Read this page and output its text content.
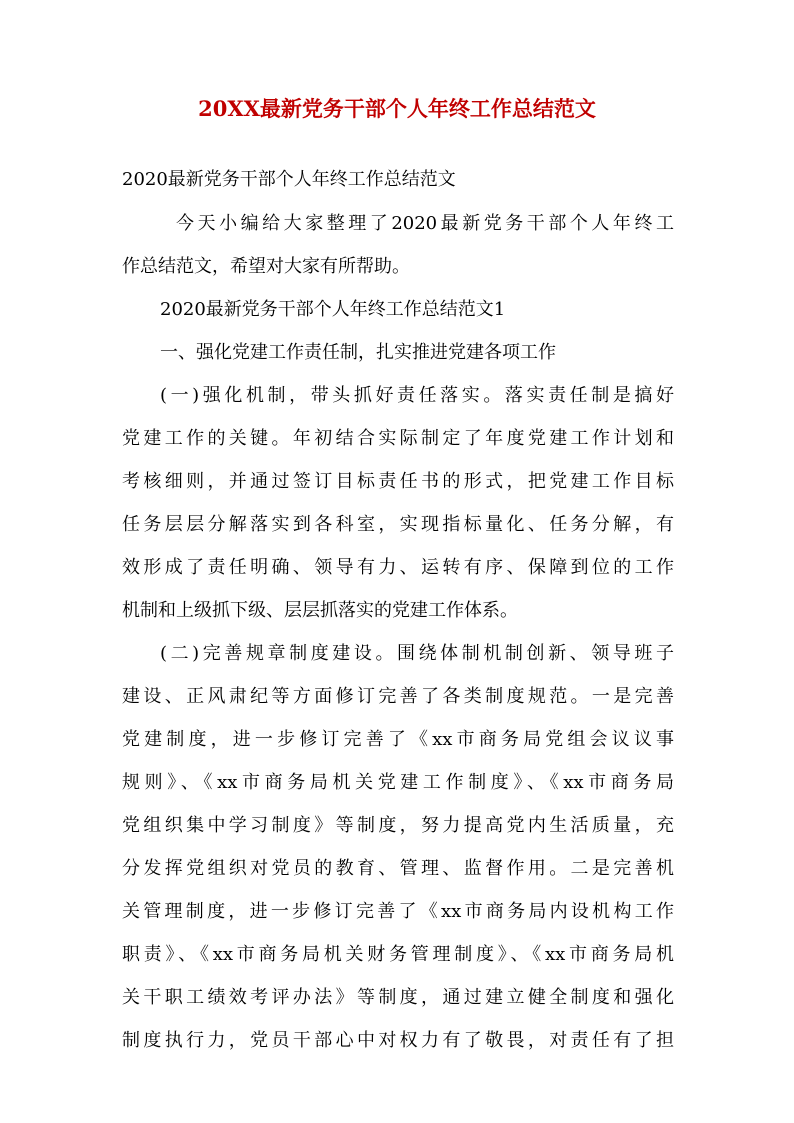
20XX最新党务干部个人年终工作总结范文
2020最新党务干部个人年终工作总结范文
今天小编给大家整理了2020最新党务干部个人年终工
作总结范文，希望对大家有所帮助。
2020最新党务干部个人年终工作总结范文1
一、强化党建工作责任制，扎实推进党建各项工作
(一)强化机制，带头抓好责任落实。落实责任制是搞好
党建工作的关键。年初结合实际制定了年度党建工作计划和
考核细则，并通过签订目标责任书的形式，把党建工作目标
任务层层分解落实到各科室，实现指标量化、任务分解，有
效形成了责任明确、领导有力、运转有序、保障到位的工作
机制和上级抓下级、层层抓落实的党建工作体系。
(二)完善规章制度建设。围绕体制机制创新、领导班子
建设、正风肃纪等方面修订完善了各类制度规范。一是完善
党建制度，进一步修订完善了《xx市商务局党组会议议事
规则》、《xx市商务局机关党建工作制度》、《xx市商务局
党组织集中学习制度》等制度，努力提高党内生活质量，充
分发挥党组织对党员的教育、管理、监督作用。二是完善机
关管理制度，进一步修订完善了《xx市商务局内设机构工作
职责》、《xx市商务局机关财务管理制度》、《xx市商务局机
关干职工绩效考评办法》等制度，通过建立健全制度和强化
制度执行力，党员干部心中对权力有了敬畏，对责任有了担
